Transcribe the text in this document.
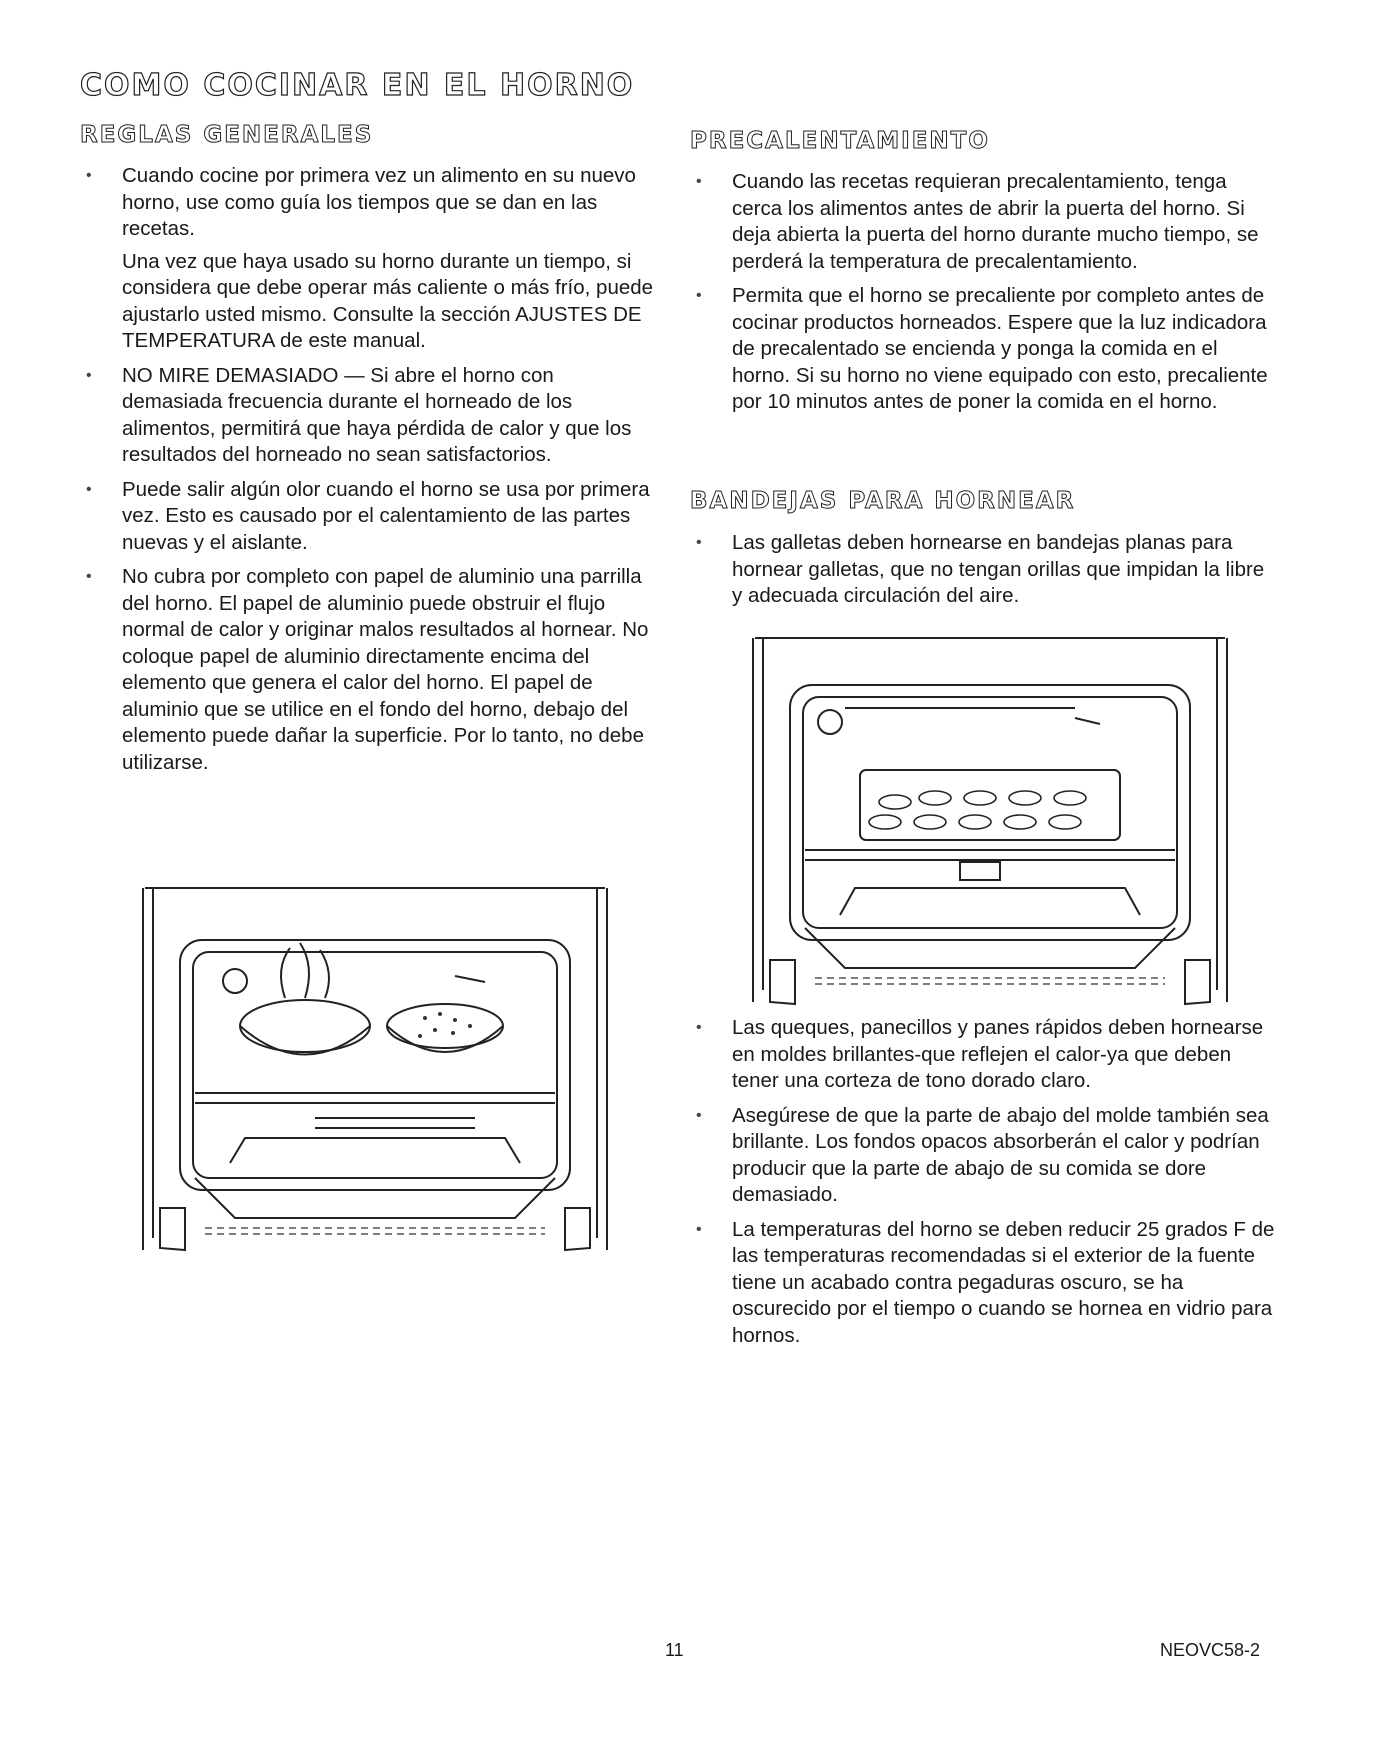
COMO COCINAR EN EL HORNO
REGLAS GENERALES

• Cuando cocine por primera vez un alimento en su nuevo horno, use como guía los tiempos que se dan en las recetas.

Una vez que haya usado su horno durante un tiempo, si considera que debe operar más caliente o más frío, puede ajustarlo usted mismo. Consulte la sección AJUSTES DE TEMPERATURA de este manual.

• NO MIRE DEMASIADO — Si abre el horno con demasiada frecuencia durante el horneado de los alimentos, permitirá que haya pérdida de calor y que los resultados del horneado no sean satisfactorios.

• Puede salir algún olor cuando el horno se usa por primera vez. Esto es causado por el calentamiento de las partes nuevas y el aislante.

• No cubra por completo con papel de aluminio una parrilla del horno. El papel de aluminio puede obstruir el flujo normal de calor y originar malos resultados al hornear. No coloque papel de aluminio directamente encima del elemento que genera el calor del horno. El papel de aluminio que se utilice en el fondo del horno, debajo del elemento puede dañar la superficie. Por lo tanto, no debe utilizarse.

PRECALENTAMIENTO

• Cuando las recetas requieran precalentamiento, tenga cerca los alimentos antes de abrir la puerta del horno. Si deja abierta la puerta del horno durante mucho tiempo, se perderá la temperatura de precalentamiento.

• Permita que el horno se precaliente por completo antes de cocinar productos horneados. Espere que la luz indicadora de precalentado se encienda y ponga la comida en el horno. Si su horno no viene equipado con esto, precaliente por 10 minutos antes de poner la comida en el horno.

BANDEJAS PARA HORNEAR

• Las galletas deben hornearse en bandejas planas para hornear galletas, que no tengan orillas que impidan la libre y adecuada circulación del aire.

• Las queques, panecillos y panes rápidos deben hornearse en moldes brillantes-que reflejen el calor-ya que deben tener una corteza de tono dorado claro.

• Asegúrese de que la parte de abajo del molde también sea brillante. Los fondos opacos absorberán el calor y podrían producir que la parte de abajo de su comida se dore demasiado.

• La temperaturas del horno se deben reducir 25 grados F de las temperaturas recomendadas si el exterior de la fuente tiene un acabado contra pegaduras oscuro, se ha oscurecido por el tiempo o cuando se hornea en vidrio para hornos.

11	NEOVC58-2
